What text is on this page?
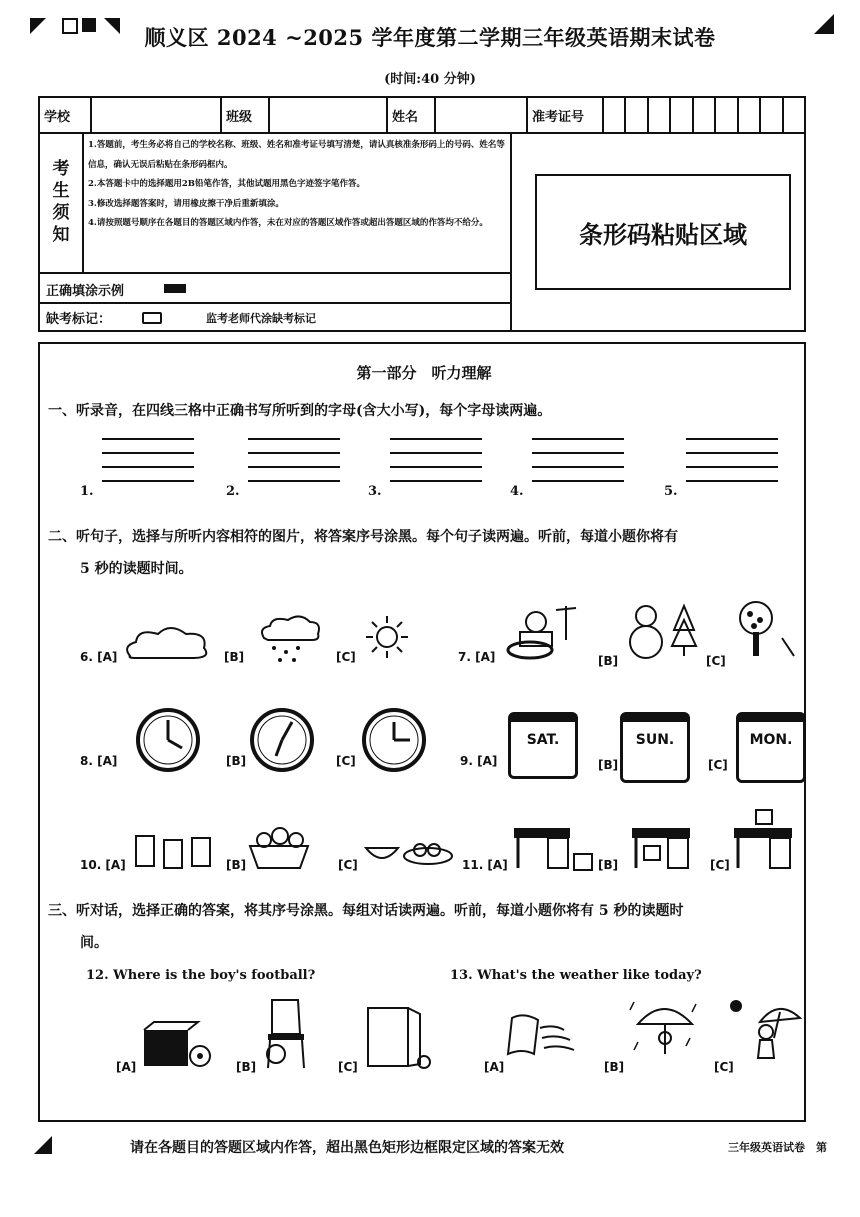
顺义区 2024 ~2025 学年度第二学期三年级英语期末试卷
(时间:40 分钟)
学校		班级		姓名		准考证号									
考
生
须
知
1.答题前，考生务必将自己的学校名称、班级、姓名和准考证号填写清楚，请认真核准条形码上的号码、姓名等信息，确认无误后粘贴在条形码框内。
2.本答题卡中的选择题用2B铅笔作答，其他试题用黑色字迹签字笔作答。
3.修改选择题答案时，请用橡皮擦干净后重新填涂。
4.请按照题号顺序在各题目的答题区域内作答，未在对应的答题区域作答或超出答题区域的作答均不给分。
正确填涂示例
缺考标记：	监考老师代涂缺考标记
条形码粘贴区域
第一部分　听力理解
一、听录音，在四线三格中正确书写所听到的字母(含大小写)，每个字母读两遍。
1.	2.	3.	4.	5.
二、听句子，选择与所听内容相符的图片，将答案序号涂黑。每个句子读两遍。听前，每道小题你将有
5 秒的读题时间。
6. [A]	[B]	[C]	7. [A]	[B]	[C]
8. [A]	[B]	[C]	9. [A]
SAT.
[B]
SUN.
[C]
MON.
10. [A]	[B]	[C]	11. [A]	[B]	[C]
三、听对话，选择正确的答案，将其序号涂黑。每组对话读两遍。听前，每道小题你将有 5 秒的读题时
间。
12. Where is the boy's football?	13. What's the weather like today?
[A]	[B]	[C]	[A]	[B]	[C]
请在各题目的答题区域内作答，超出黑色矩形边框限定区域的答案无效	三年级英语试卷　第
